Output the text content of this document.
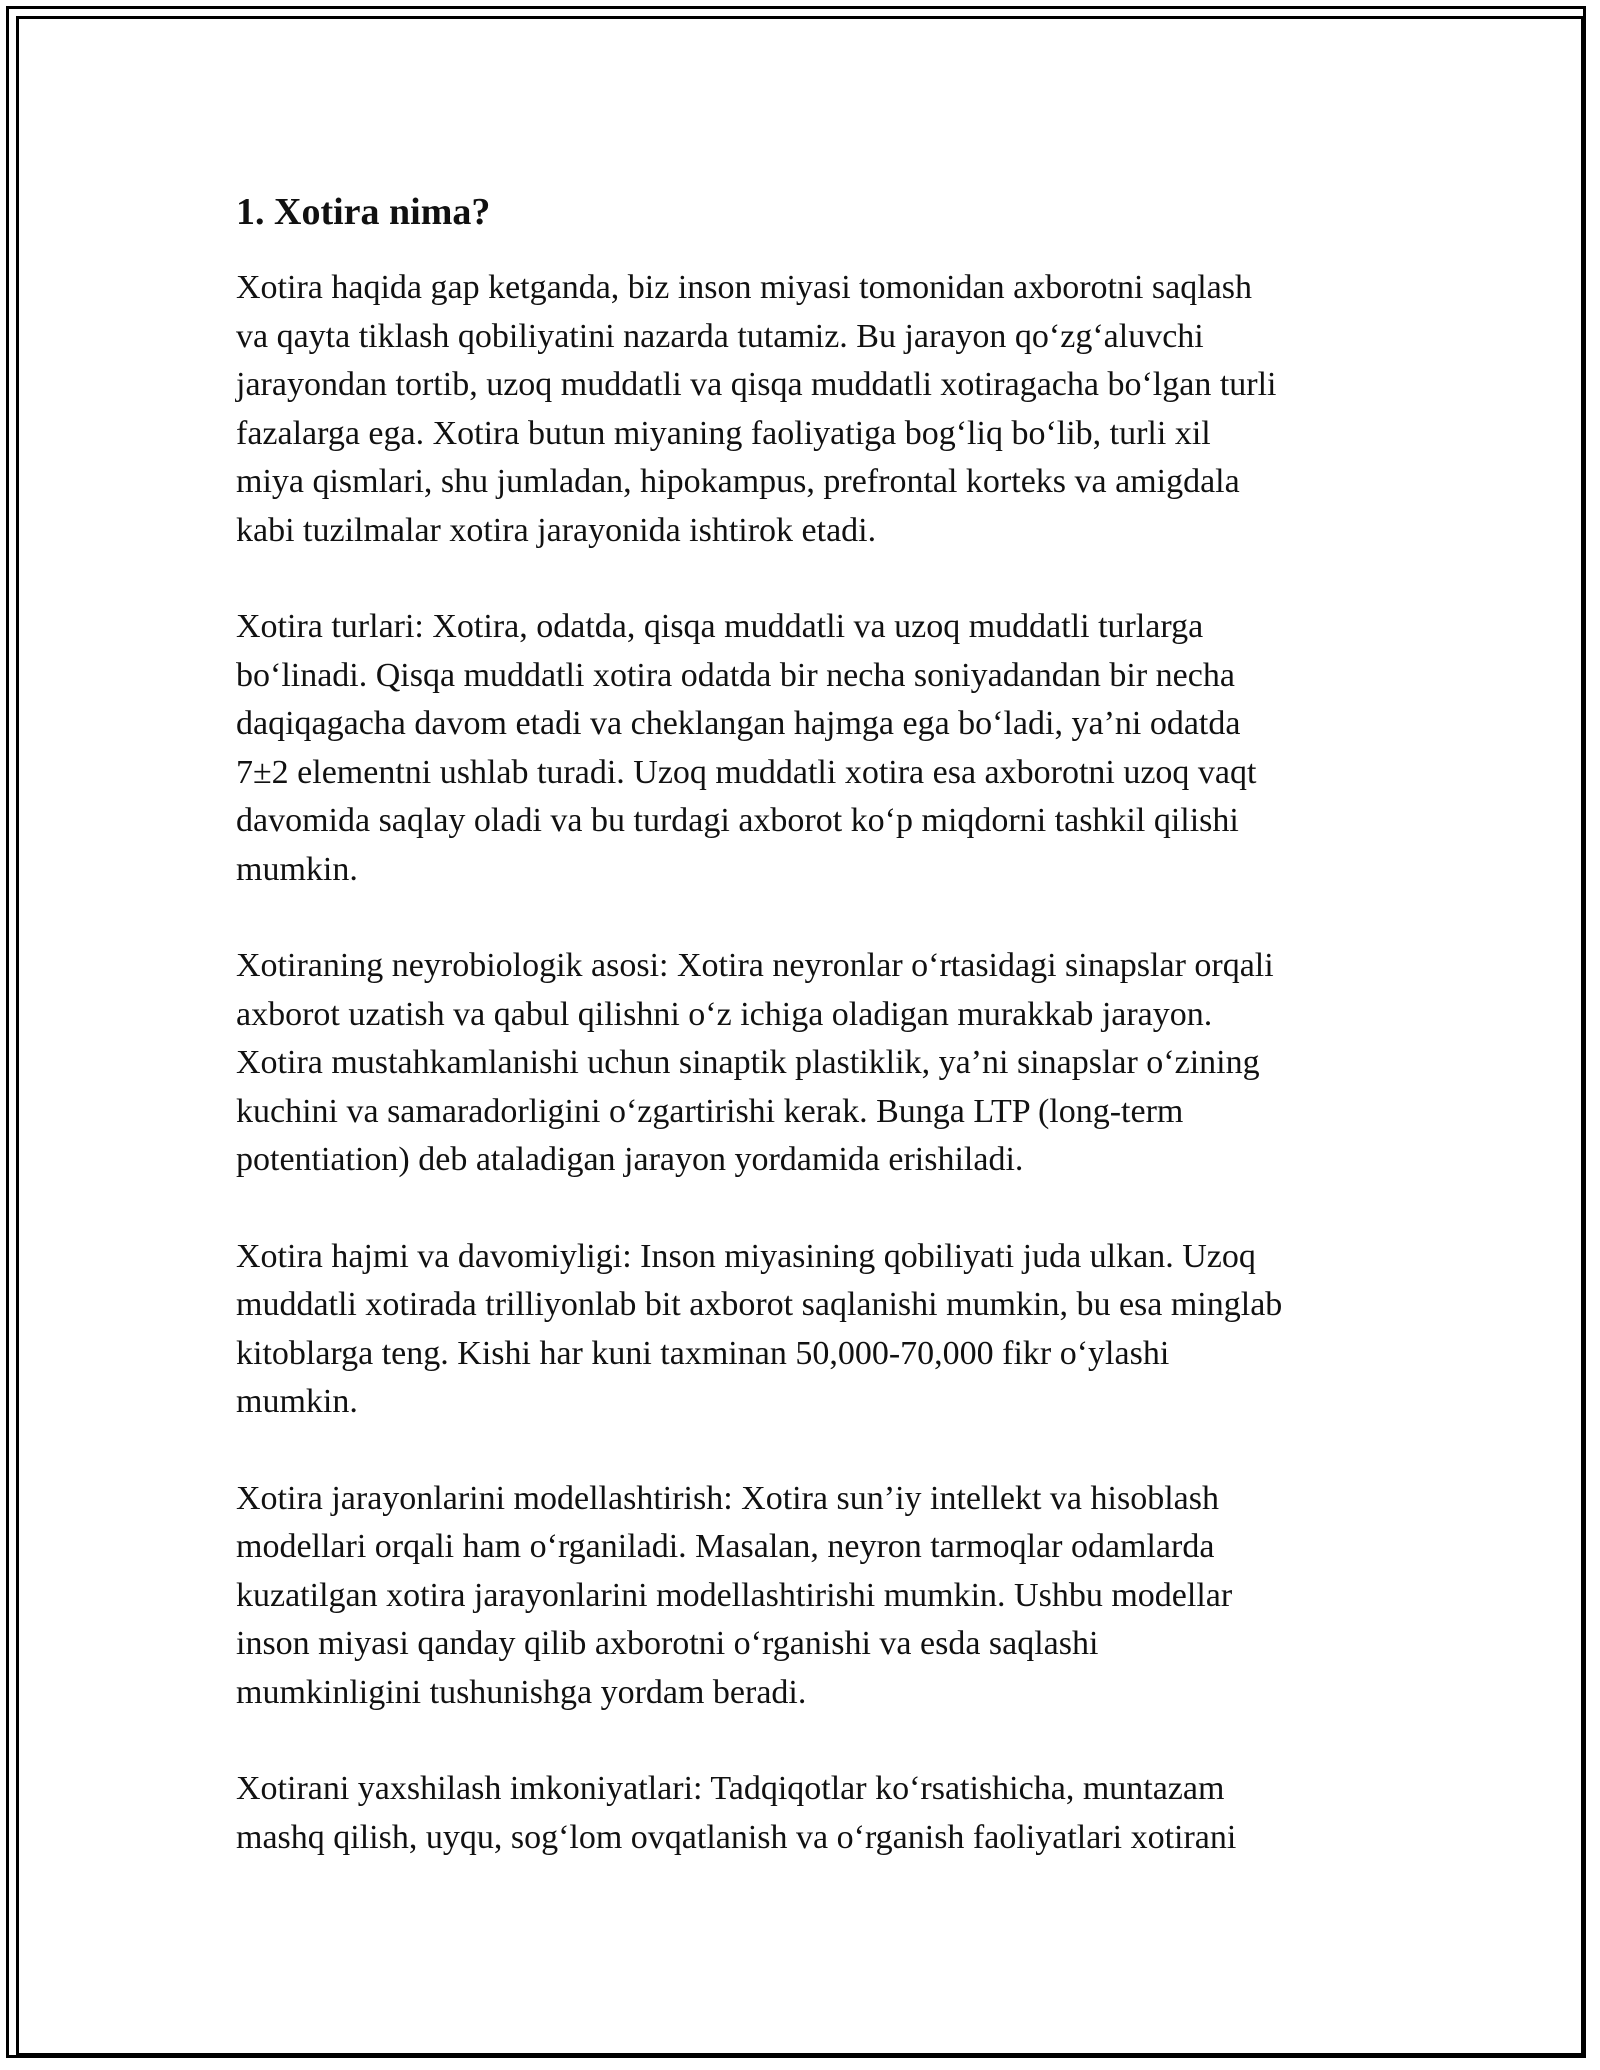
1. Xotira nima?

Xotira haqida gap ketganda, biz inson miyasi tomonidan axborotni saqlash
va qayta tiklash qobiliyatini nazarda tutamiz. Bu jarayon qo‘zg‘aluvchi
jarayondan tortib, uzoq muddatli va qisqa muddatli xotiragacha bo‘lgan turli
fazalarga ega. Xotira butun miyaning faoliyatiga bog‘liq bo‘lib, turli xil
miya qismlari, shu jumladan, hipokampus, prefrontal korteks va amigdala
kabi tuzilmalar xotira jarayonida ishtirok etadi.

Xotira turlari: Xotira, odatda, qisqa muddatli va uzoq muddatli turlarga
bo‘linadi. Qisqa muddatli xotira odatda bir necha soniyadandan bir necha
daqiqagacha davom etadi va cheklangan hajmga ega bo‘ladi, ya’ni odatda
7±2 elementni ushlab turadi. Uzoq muddatli xotira esa axborotni uzoq vaqt
davomida saqlay oladi va bu turdagi axborot ko‘p miqdorni tashkil qilishi
mumkin.

Xotiraning neyrobiologik asosi: Xotira neyronlar o‘rtasidagi sinapslar orqali
axborot uzatish va qabul qilishni o‘z ichiga oladigan murakkab jarayon.
Xotira mustahkamlanishi uchun sinaptik plastiklik, ya’ni sinapslar o‘zining
kuchini va samaradorligini o‘zgartirishi kerak. Bunga LTP (long-term
potentiation) deb ataladigan jarayon yordamida erishiladi.

Xotira hajmi va davomiyligi: Inson miyasining qobiliyati juda ulkan. Uzoq
muddatli xotirada trilliyonlab bit axborot saqlanishi mumkin, bu esa minglab
kitoblarga teng. Kishi har kuni taxminan 50,000-70,000 fikr o‘ylashi
mumkin.

Xotira jarayonlarini modellashtirish: Xotira sun’iy intellekt va hisoblash
modellari orqali ham o‘rganiladi. Masalan, neyron tarmoqlar odamlarda
kuzatilgan xotira jarayonlarini modellashtirishi mumkin. Ushbu modellar
inson miyasi qanday qilib axborotni o‘rganishi va esda saqlashi
mumkinligini tushunishga yordam beradi.

Xotirani yaxshilash imkoniyatlari: Tadqiqotlar ko‘rsatishicha, muntazam
mashq qilish, uyqu, sog‘lom ovqatlanish va o‘rganish faoliyatlari xotirani
